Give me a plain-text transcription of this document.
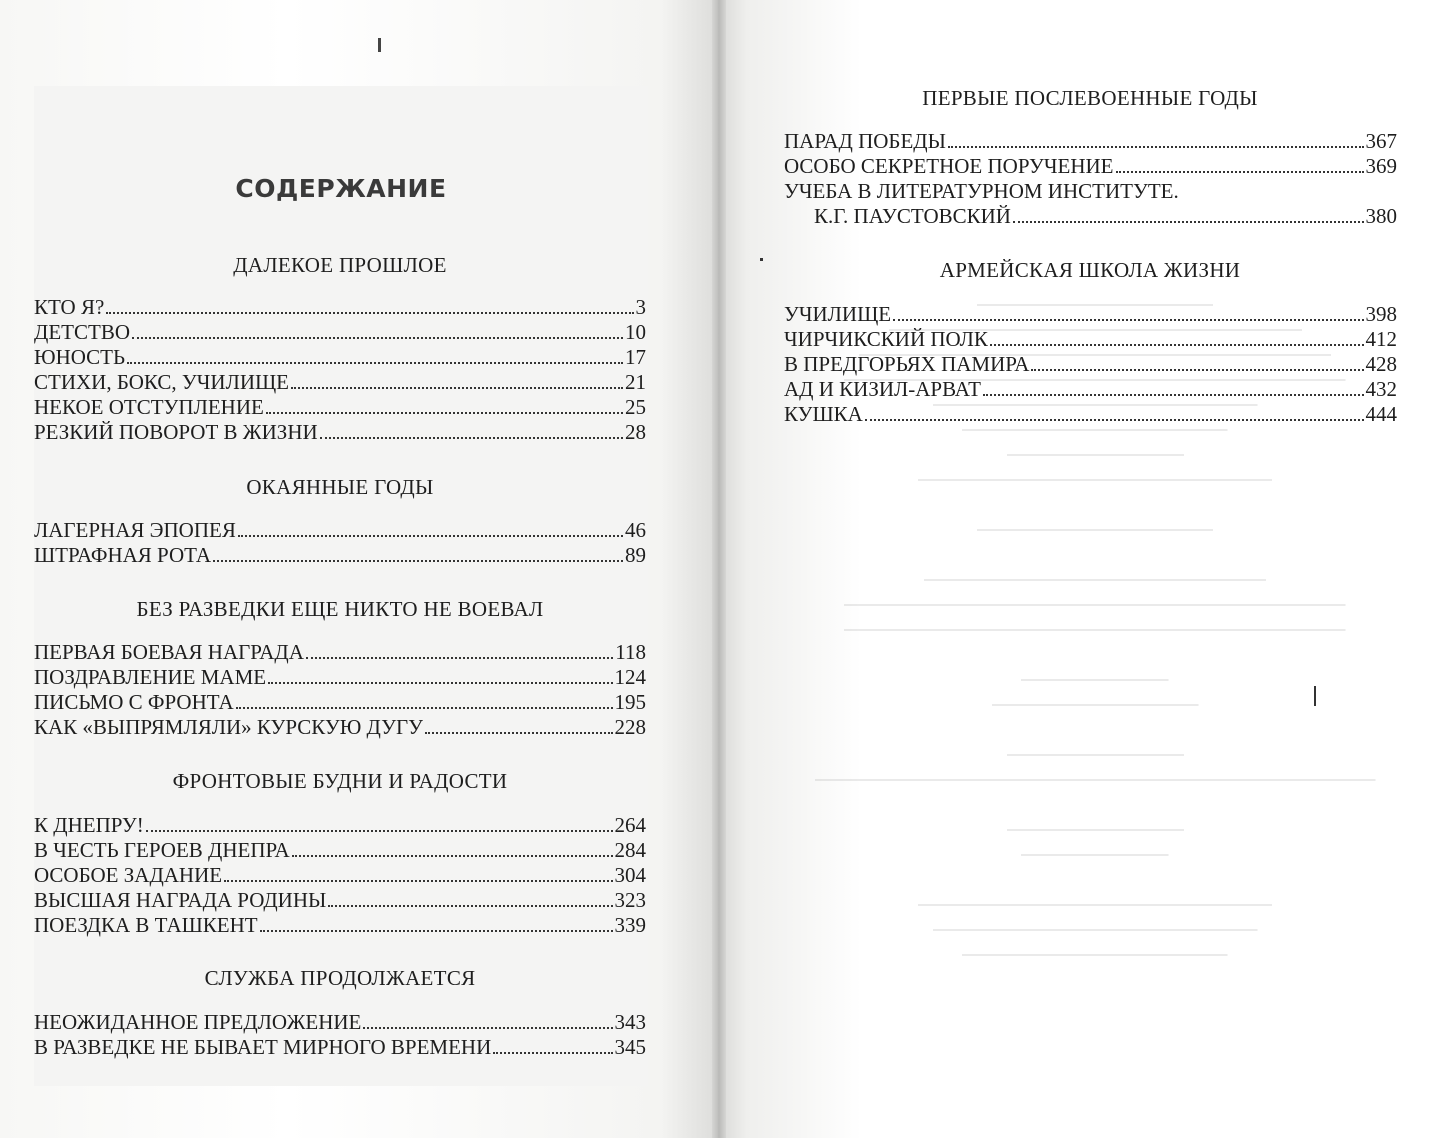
СОДЕРЖАНИЕ
ДАЛЕКОЕ ПРОШЛОЕ
КТО Я?	3
ДЕТСТВО	10
ЮНОСТЬ	17
СТИХИ, БОКС, УЧИЛИЩЕ	21
НЕКОЕ ОТСТУПЛЕНИЕ	25
РЕЗКИЙ ПОВОРОТ В ЖИЗНИ	28
ОКАЯННЫЕ ГОДЫ
ЛАГЕРНАЯ ЭПОПЕЯ	46
ШТРАФНАЯ РОТА	89
БЕЗ РАЗВЕДКИ ЕЩЕ НИКТО НЕ ВОЕВАЛ
ПЕРВАЯ БОЕВАЯ НАГРАДА	118
ПОЗДРАВЛЕНИЕ МАМЕ	124
ПИСЬМО С ФРОНТА	195
КАК «ВЫПРЯМЛЯЛИ» КУРСКУЮ ДУГУ	228
ФРОНТОВЫЕ БУДНИ И РАДОСТИ
К ДНЕПРУ!	264
В ЧЕСТЬ ГЕРОЕВ ДНЕПРА	284
ОСОБОЕ ЗАДАНИЕ	304
ВЫСШАЯ НАГРАДА РОДИНЫ	323
ПОЕЗДКА В ТАШКЕНТ	339
СЛУЖБА ПРОДОЛЖАЕТСЯ
НЕОЖИДАННОЕ ПРЕДЛОЖЕНИЕ	343
В РАЗВЕДКЕ НЕ БЫВАЕТ МИРНОГО ВРЕМЕНИ	345
ПЕРВЫЕ ПОСЛЕВОЕННЫЕ ГОДЫ
ПАРАД ПОБЕДЫ	367
ОСОБО СЕКРЕТНОЕ ПОРУЧЕНИЕ	369
УЧЕБА В ЛИТЕРАТУРНОМ ИНСТИТУТЕ.
К.Г. ПАУСТОВСКИЙ	380
АРМЕЙСКАЯ ШКОЛА ЖИЗНИ
УЧИЛИЩЕ	398
ЧИРЧИКСКИЙ ПОЛК	412
В ПРЕДГОРЬЯХ ПАМИРА	428
АД И КИЗИЛ-АРВАТ	432
КУШКА	444
